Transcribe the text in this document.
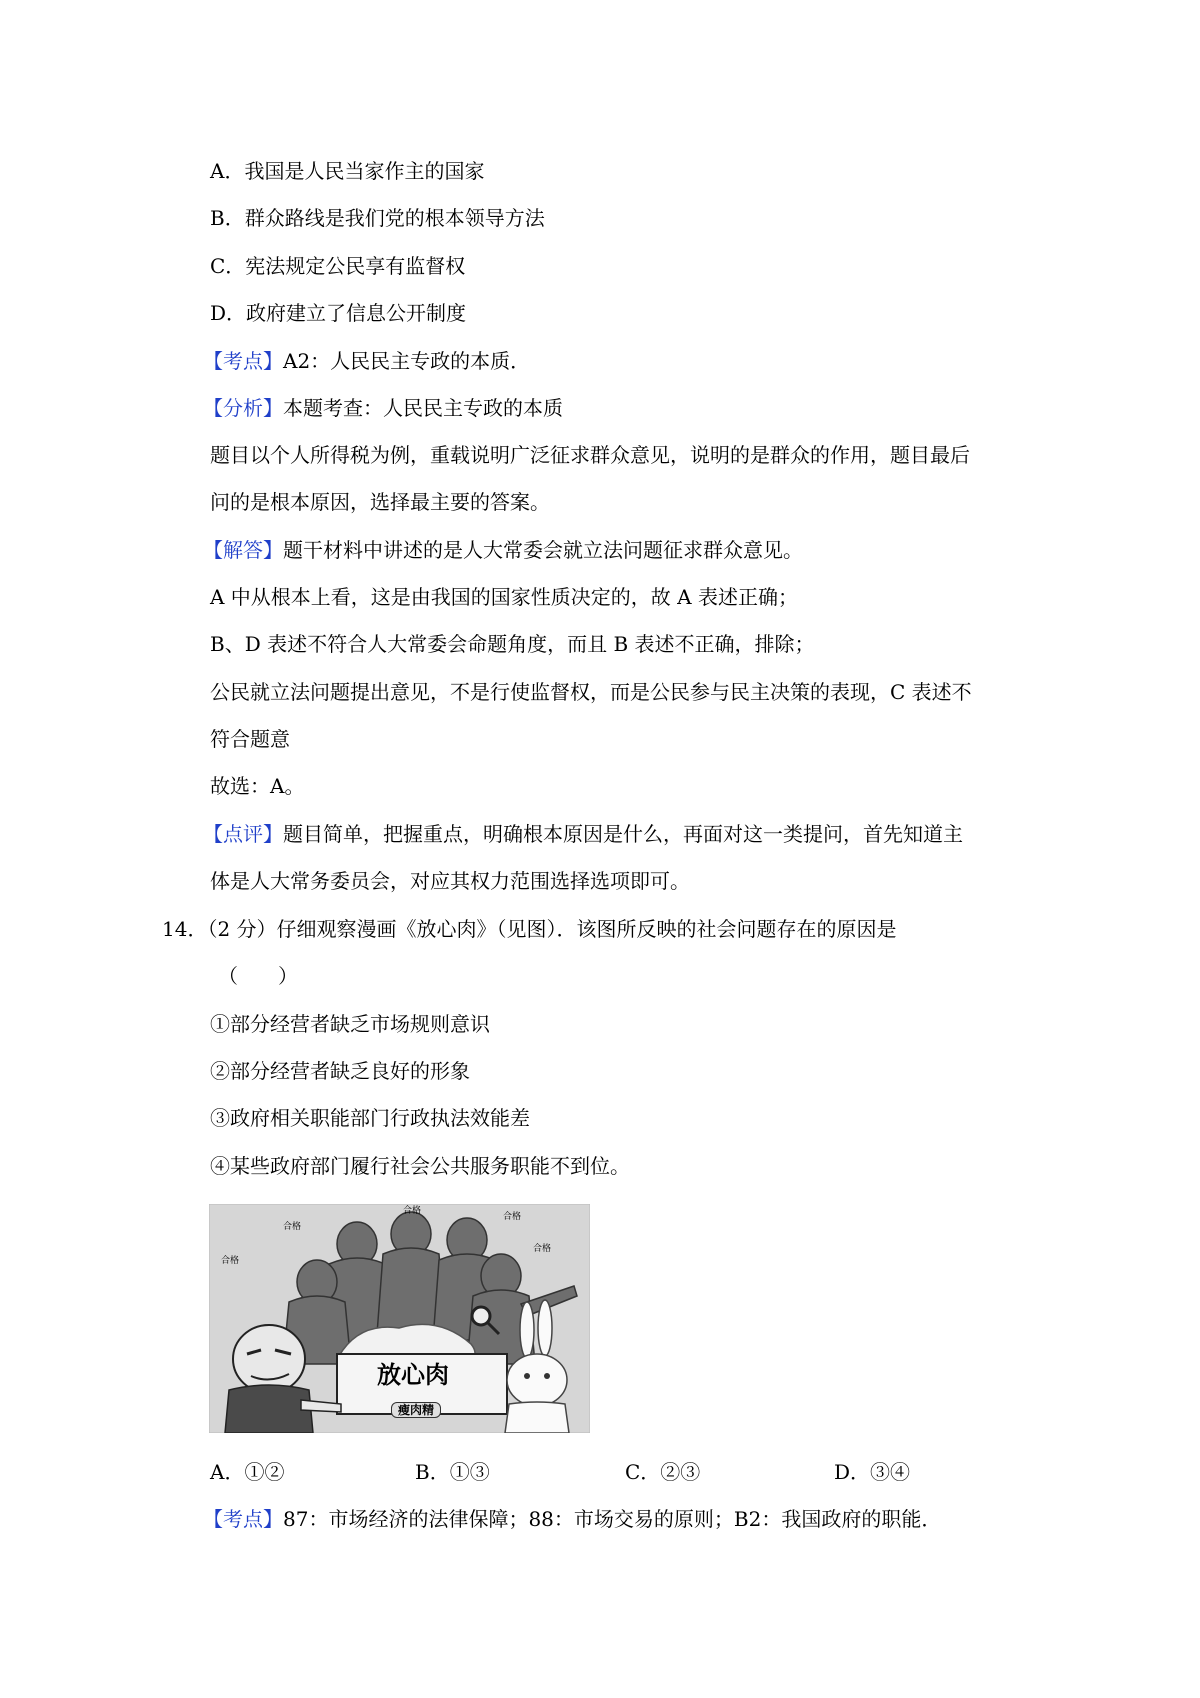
A．我国是人民当家作主的国家
B．群众路线是我们党的根本领导方法
C．宪法规定公民享有监督权
D．政府建立了信息公开制度
【考点】A2：人民民主专政的本质．
【分析】本题考查：人民民主专政的本质
题目以个人所得税为例，重载说明广泛征求群众意见，说明的是群众的作用，题目最后
问的是根本原因，选择最主要的答案。
【解答】题干材料中讲述的是人大常委会就立法问题征求群众意见。
A 中从根本上看，这是由我国的国家性质决定的，故 A 表述正确；
B、D 表述不符合人大常委会命题角度，而且 B 表述不正确，排除；
公民就立法问题提出意见，不是行使监督权，而是公民参与民主决策的表现，C 表述不
符合题意
故选：A。
【点评】题目简单，把握重点，明确根本原因是什么，再面对这一类提问，首先知道主
体是人大常务委员会，对应其权力范围选择选项即可。
14．（2 分）仔细观察漫画《放心肉》（见图）．该图所反映的社会问题存在的原因是
（　　）
①部分经营者缺乏市场规则意识
②部分经营者缺乏良好的形象
③政府相关职能部门行政执法效能差
④某些政府部门履行社会公共服务职能不到位。
放心肉
瘦肉精
合格
合格
合格
合格
合格
A．①②	B．①③	C．②③	D．③④
【考点】87：市场经济的法律保障；88：市场交易的原则；B2：我国政府的职能．
